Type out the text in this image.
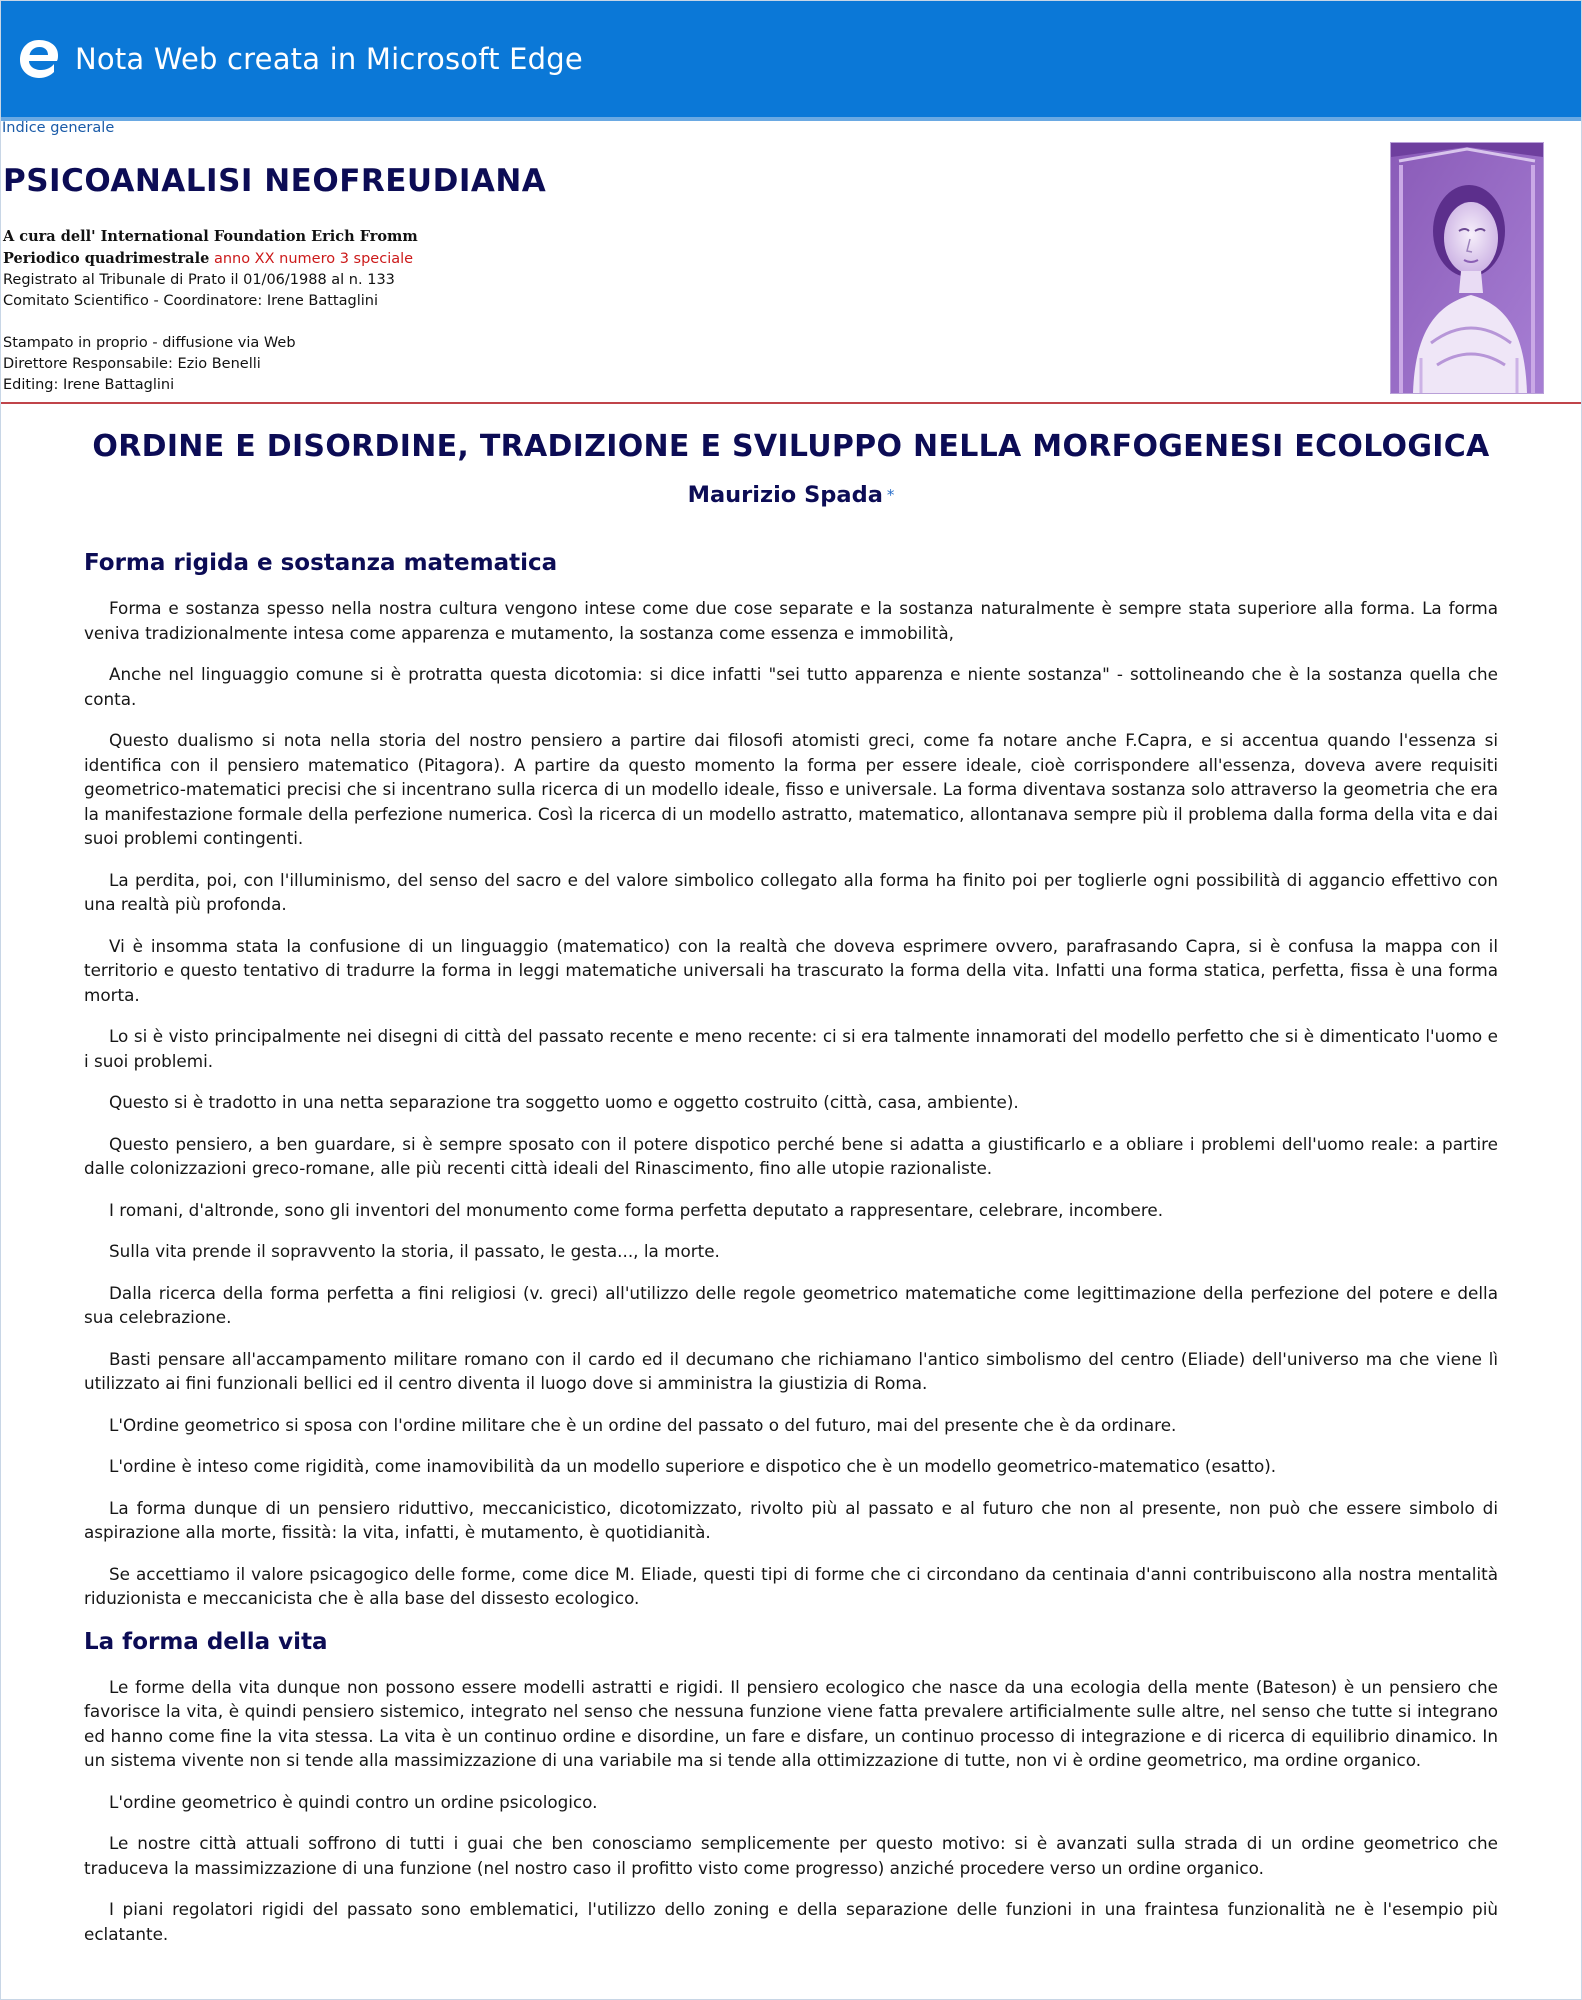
Nota Web creata in Microsoft Edge
Indice generale
PSICOANALISI NEOFREUDIANA
A cura dell' International Foundation Erich Fromm
Periodico quadrimestrale anno XX numero 3 speciale
Registrato al Tribunale di Prato il 01/06/1988 al n. 133
Comitato Scientifico - Coordinatore: Irene Battaglini
Stampato in proprio - diffusione via Web
Direttore Responsabile: Ezio Benelli
Editing: Irene Battaglini
ORDINE E DISORDINE, TRADIZIONE E SVILUPPO NELLA MORFOGENESI ECOLOGICA
Maurizio Spada *
Forma rigida e sostanza matematica

Forma e sostanza spesso nella nostra cultura vengono intese come due cose separate e la sostanza naturalmente è sempre stata superiore alla forma. La forma veniva tradizionalmente intesa come apparenza e mutamento, la sostanza come essenza e immobilità,

Anche nel linguaggio comune si è protratta questa dicotomia: si dice infatti "sei tutto apparenza e niente sostanza" - sottolineando che è la sostanza quella che conta.

Questo dualismo si nota nella storia del nostro pensiero a partire dai filosofi atomisti greci, come fa notare anche F.Capra, e si accentua quando l'essenza si identifica con il pensiero matematico (Pitagora). A partire da questo momento la forma per essere ideale, cioè corrispondere all'essenza, doveva avere requisiti geometrico-matematici precisi che si incentrano sulla ricerca di un modello ideale, fisso e universale. La forma diventava sostanza solo attraverso la geometria che era la manifestazione formale della perfezione numerica. Così la ricerca di un modello astratto, matematico, allontanava sempre più il problema dalla forma della vita e dai suoi problemi contingenti.

La perdita, poi, con l'illuminismo, del senso del sacro e del valore simbolico collegato alla forma ha finito poi per toglierle ogni possibilità di aggancio effettivo con una realtà più profonda.

Vi è insomma stata la confusione di un linguaggio (matematico) con la realtà che doveva esprimere ovvero, parafrasando Capra, si è confusa la mappa con il territorio e questo tentativo di tradurre la forma in leggi matematiche universali ha trascurato la forma della vita. Infatti una forma statica, perfetta, fissa è una forma morta.

Lo si è visto principalmente nei disegni di città del passato recente e meno recente: ci si era talmente innamorati del modello perfetto che si è dimenticato l'uomo e i suoi problemi.

Questo si è tradotto in una netta separazione tra soggetto uomo e oggetto costruito (città, casa, ambiente).

Questo pensiero, a ben guardare, si è sempre sposato con il potere dispotico perché bene si adatta a giustificarlo e a obliare i problemi dell'uomo reale: a partire dalle colonizzazioni greco-romane, alle più recenti città ideali del Rinascimento, fino alle utopie razionaliste.

I romani, d'altronde, sono gli inventori del monumento come forma perfetta deputato a rappresentare, celebrare, incombere.

Sulla vita prende il sopravvento la storia, il passato, le gesta..., la morte.

Dalla ricerca della forma perfetta a fini religiosi (v. greci) all'utilizzo delle regole geometrico matematiche come legittimazione della perfezione del potere e della sua celebrazione.

Basti pensare all'accampamento militare romano con il cardo ed il decumano che richiamano l'antico simbolismo del centro (Eliade) dell'universo ma che viene lì utilizzato ai fini funzionali bellici ed il centro diventa il luogo dove si amministra la giustizia di Roma.

L'Ordine geometrico si sposa con l'ordine militare che è un ordine del passato o del futuro, mai del presente che è da ordinare.

L'ordine è inteso come rigidità, come inamovibilità da un modello superiore e dispotico che è un modello geometrico-matematico (esatto).

La forma dunque di un pensiero riduttivo, meccanicistico, dicotomizzato, rivolto più al passato e al futuro che non al presente, non può che essere simbolo di aspirazione alla morte, fissità: la vita, infatti, è mutamento, è quotidianità.

Se accettiamo il valore psicagogico delle forme, come dice M. Eliade, questi tipi di forme che ci circondano da centinaia d'anni contribuiscono alla nostra mentalità riduzionista e meccanicista che è alla base del dissesto ecologico.

La forma della vita

Le forme della vita dunque non possono essere modelli astratti e rigidi. Il pensiero ecologico che nasce da una ecologia della mente (Bateson) è un pensiero che favorisce la vita, è quindi pensiero sistemico, integrato nel senso che nessuna funzione viene fatta prevalere artificialmente sulle altre, nel senso che tutte si integrano ed hanno come fine la vita stessa. La vita è un continuo ordine e disordine, un fare e disfare, un continuo processo di integrazione e di ricerca di equilibrio dinamico. In un sistema vivente non si tende alla massimizzazione di una variabile ma si tende alla ottimizzazione di tutte, non vi è ordine geometrico, ma ordine organico.

L'ordine geometrico è quindi contro un ordine psicologico.

Le nostre città attuali soffrono di tutti i guai che ben conosciamo semplicemente per questo motivo: si è avanzati sulla strada di un ordine geometrico che traduceva la massimizzazione di una funzione (nel nostro caso il profitto visto come progresso) anziché procedere verso un ordine organico.

I piani regolatori rigidi del passato sono emblematici, l'utilizzo dello zoning e della separazione delle funzioni in una fraintesa funzionalità ne è l'esempio più eclatante.
